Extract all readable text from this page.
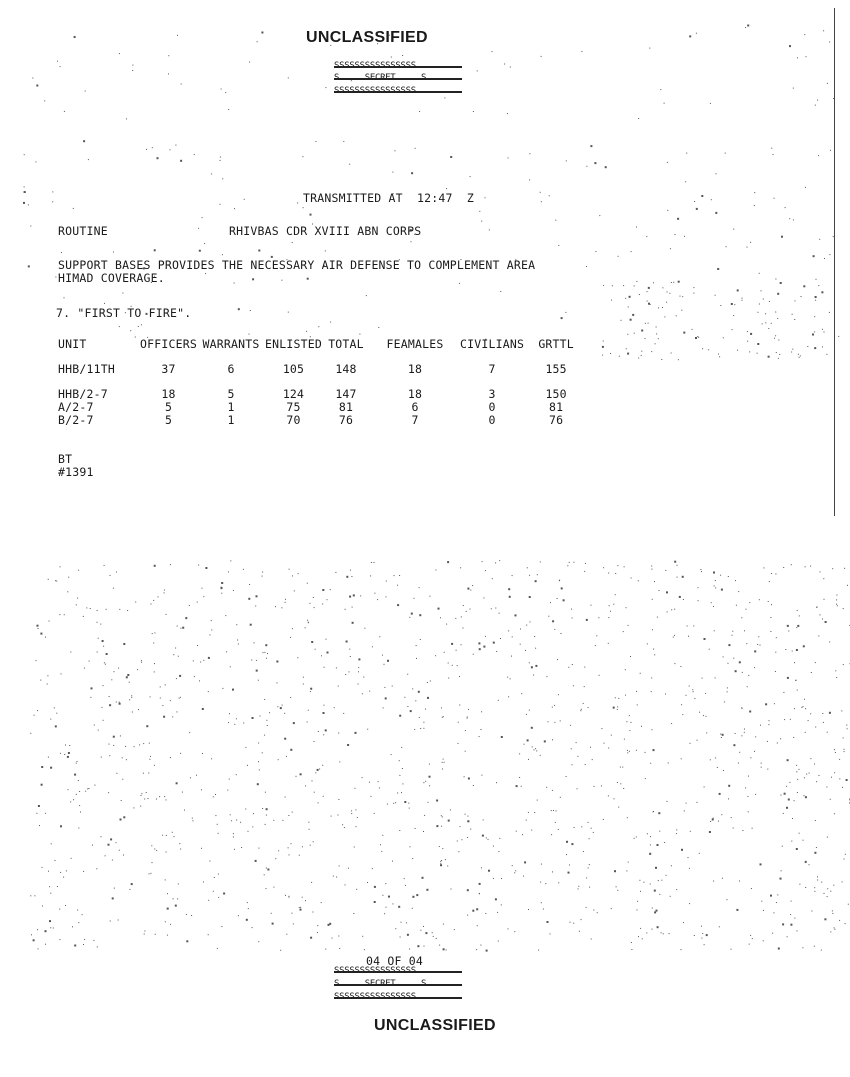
UNCLASSIFIED
TRANSMITTED AT  12:47  Z
ROUTINE	RHIVBAS CDR XVIII ABN CORPS
SUPPORT BASES PROVIDES THE NECESSARY AIR DEFENSE TO COMPLEMENT AREA
HIMAD COVERAGE.
7. "FIRST TO FIRE".
UNIT	OFFICERS	WARRANTS	ENLISTED	TOTAL	FEAMALES	CIVILIANS	GRTTL

HHB/11TH	37	6	105	148	18	7	155

HHB/2-7	18	5	124	147	18	3	150
A/2-7	5	1	75	81	6	0	81
B/2-7	5	1	70	76	7	0	76
BT
#1391
04 OF 04
UNCLASSIFIED
